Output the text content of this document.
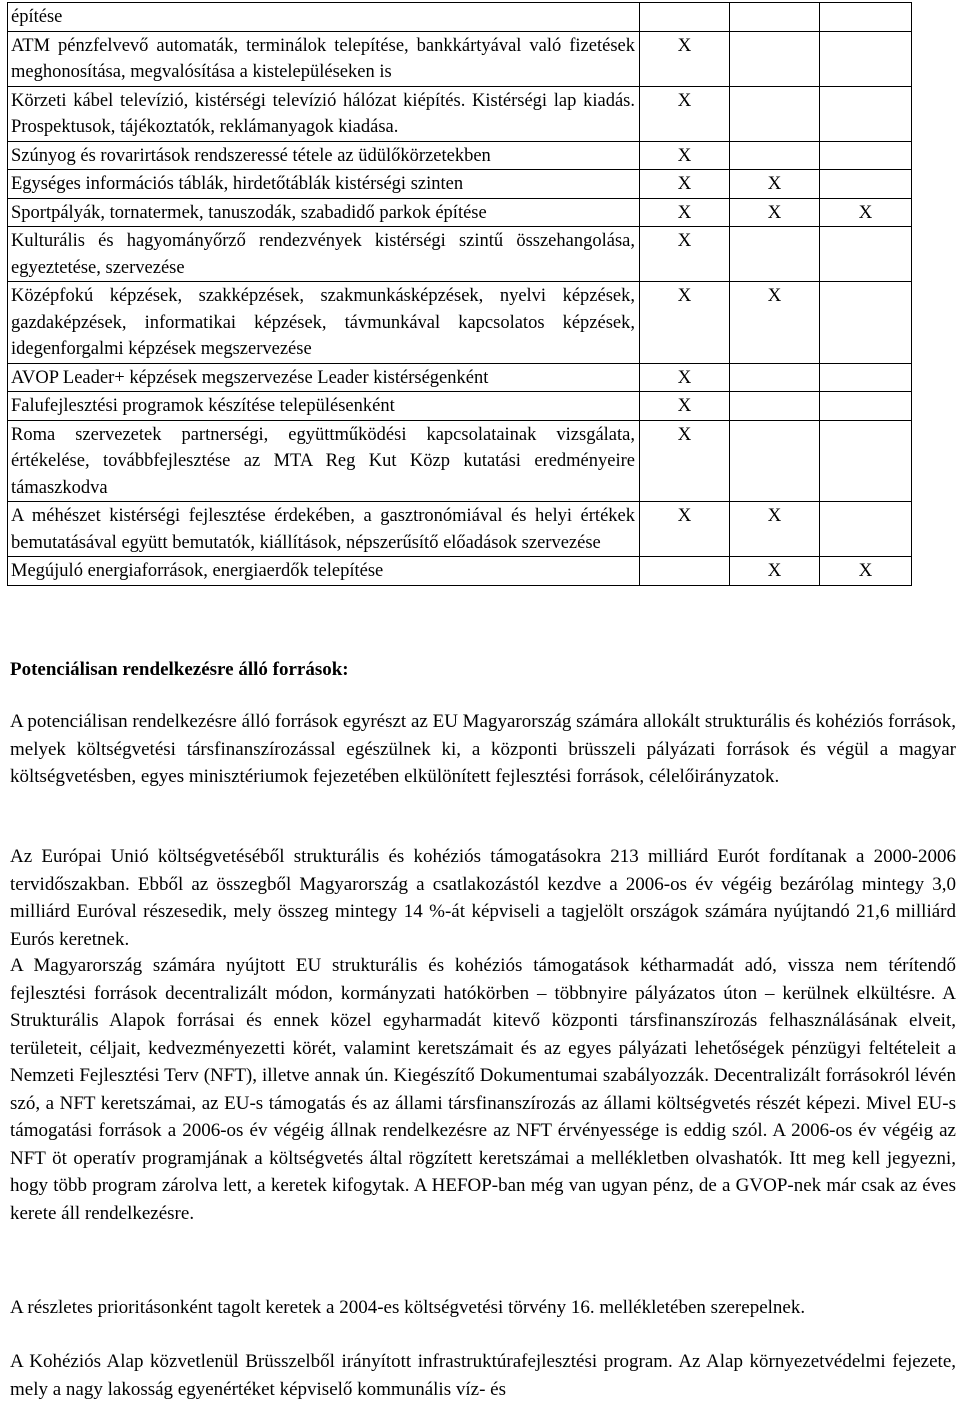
építése			
ATM pénzfelvevő automaták, terminálok telepítése, bankkártyával való fizetések meghonosítása, megvalósítása a kistelepüléseken is	X		
Körzeti kábel televízió, kistérségi televízió hálózat kiépítés. Kistérségi lap kiadás. Prospektusok, tájékoztatók, reklámanyagok kiadása.	X		
Szúnyog és rovarirtások rendszeressé tétele az üdülőkörzetekben	X		
Egységes információs táblák, hirdetőtáblák kistérségi szinten	X	X	
Sportpályák, tornatermek, tanuszodák, szabadidő parkok építése	X	X	X
Kulturális és hagyományőrző rendezvények kistérségi szintű összehangolása, egyeztetése, szervezése	X		
Középfokú képzések, szakképzések, szakmunkásképzések, nyelvi képzések, gazdaképzések, informatikai képzések, távmunkával kapcsolatos képzések, idegenforgalmi képzések megszervezése	X	X	
AVOP Leader+ képzések megszervezése Leader kistérségenként	X		
Falufejlesztési programok készítése településenként	X		
Roma szervezetek partnerségi, együttműködési kapcsolatainak vizsgálata, értékelése, továbbfejlesztése az MTA Reg Kut Közp kutatási eredményeire támaszkodva	X		
A méhészet kistérségi fejlesztése érdekében, a gasztronómiával és helyi értékek bemutatásával együtt bemutatók, kiállítások, népszerűsítő előadások szervezése	X	X	
Megújuló energiaforrások, energiaerdők telepítése		X	X
Potenciálisan rendelkezésre álló források:

A potenciálisan rendelkezésre álló források egyrészt az EU Magyarország számára allokált strukturális és kohéziós források, melyek költségvetési társfinanszírozással egészülnek ki, a központi brüsszeli pályázati források és végül a magyar költségvetésben, egyes minisztériumok fejezetében elkülönített fejlesztési források, célelőirányzatok.

Az Európai Unió költségvetéséből strukturális és kohéziós támogatásokra 213 milliárd Eurót fordítanak a 2000-2006 tervidőszakban. Ebből az összegből Magyarország a csatlakozástól kezdve a 2006-os év végéig bezárólag mintegy 3,0 milliárd Euróval részesedik, mely összeg mintegy 14 %-át képviseli a tagjelölt országok számára nyújtandó 21,6 milliárd Eurós keretnek.

A Magyarország számára nyújtott EU strukturális és kohéziós támogatások kétharmadát adó, vissza nem térítendő fejlesztési források decentralizált módon, kormányzati hatókörben – többnyire pályázatos úton – kerülnek elkültésre. A Strukturális Alapok forrásai és ennek közel egyharmadát kitevő központi társfinanszírozás felhasználásának elveit, területeit, céljait, kedvezményezetti körét, valamint keretszámait és az egyes pályázati lehetőségek pénzügyi feltételeit a Nemzeti Fejlesztési Terv (NFT), illetve annak ún. Kiegészítő Dokumentumai szabályozzák. Decentralizált forrásokról lévén szó, a NFT keretszámai, az EU-s támogatás és az állami társfinanszírozás az állami költségvetés részét képezi. Mivel EU-s támogatási források a 2006-os év végéig állnak rendelkezésre az NFT érvényessége is eddig szól. A 2006-os év végéig az NFT öt operatív programjának a költségvetés által rögzített keretszámai a mellékletben olvashatók. Itt meg kell jegyezni, hogy több program zárolva lett, a keretek kifogytak. A HEFOP-ban még van ugyan pénz, de a GVOP-nek már csak az éves kerete áll rendelkezésre.

A részletes prioritásonként tagolt keretek a 2004-es költségvetési törvény 16. mellékletében szerepelnek.

A Kohéziós Alap közvetlenül Brüsszelből irányított infrastruktúrafejlesztési program. Az Alap környezetvédelmi fejezete, mely a nagy lakosság egyenértéket képviselő kommunális víz- és
